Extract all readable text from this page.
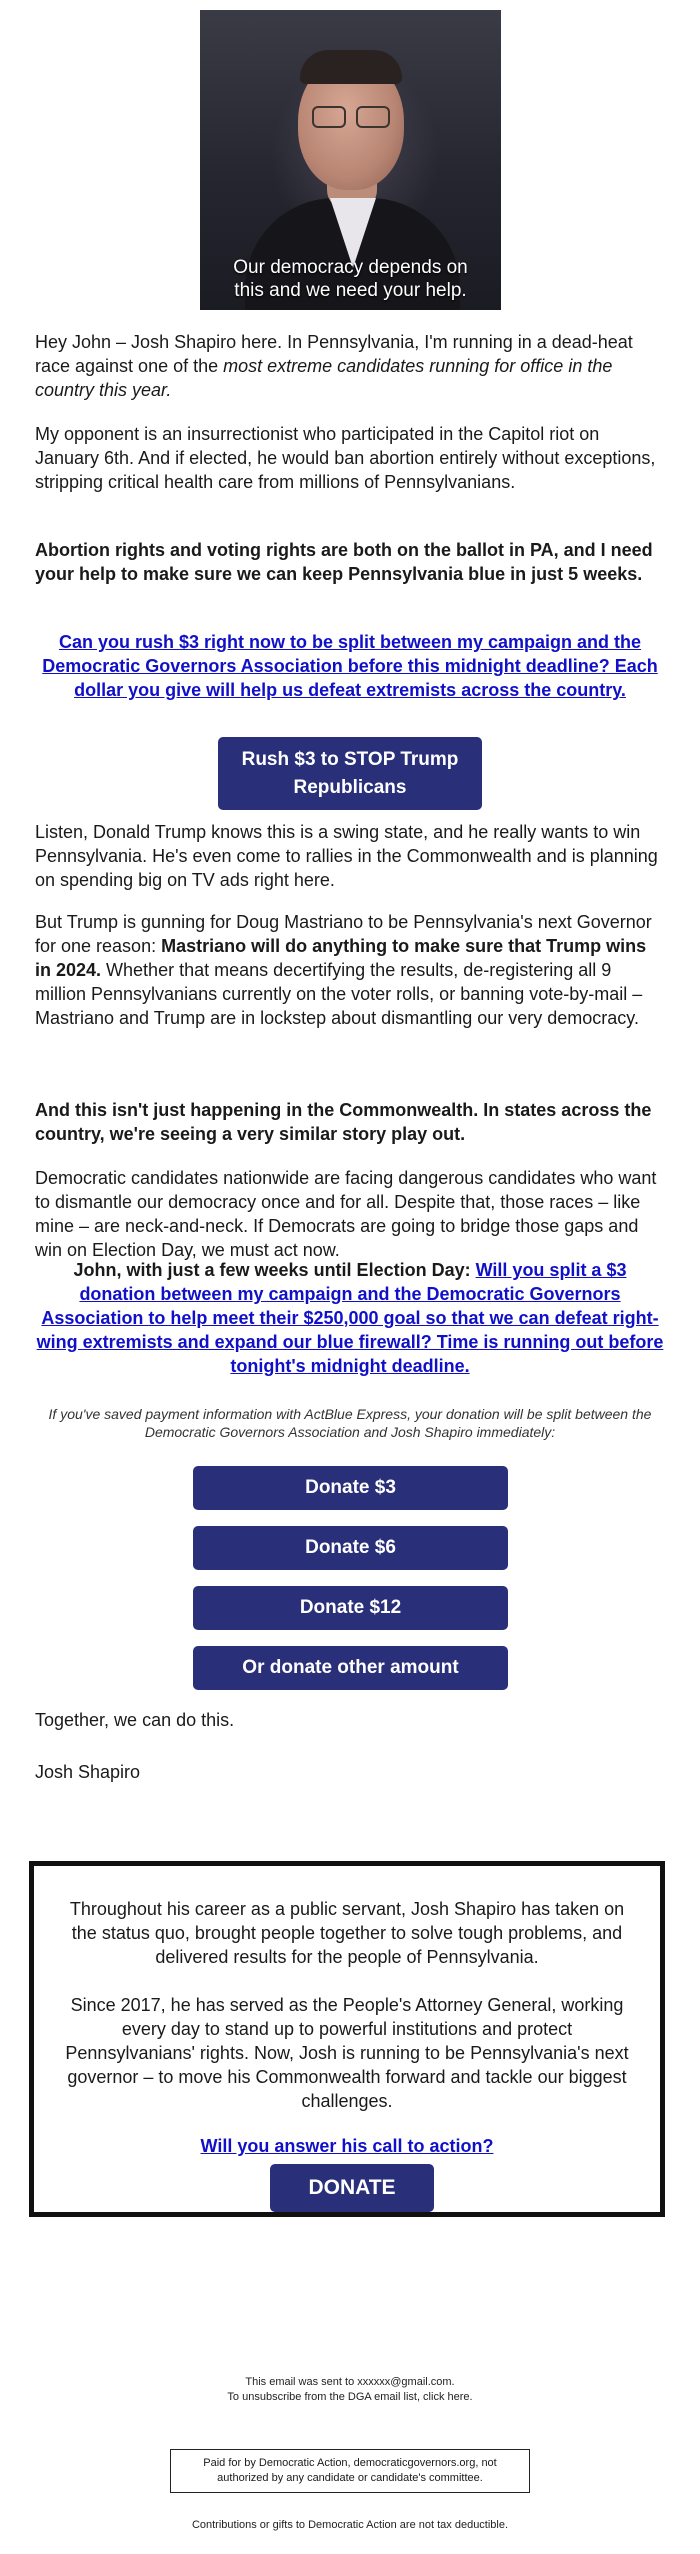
Our democracy depends on
this and we need your help.

Hey John – Josh Shapiro here. In Pennsylvania, I'm running in a dead-heat race against one of the most extreme candidates running for office in the country this year.

My opponent is an insurrectionist who participated in the Capitol riot on January 6th. And if elected, he would ban abortion entirely without exceptions, stripping critical health care from millions of Pennsylvanians.

Abortion rights and voting rights are both on the ballot in PA, and I need your help to make sure we can keep Pennsylvania blue in just 5 weeks.

Can you rush $3 right now to be split between my campaign and the Democratic Governors Association before this midnight deadline? Each dollar you give will help us defeat extremists across the country.

Rush $3 to STOP Trump Republicans

Listen, Donald Trump knows this is a swing state, and he really wants to win Pennsylvania. He's even come to rallies in the Commonwealth and is planning on spending big on TV ads right here.

But Trump is gunning for Doug Mastriano to be Pennsylvania's next Governor for one reason: Mastriano will do anything to make sure that Trump wins in 2024. Whether that means decertifying the results, de-registering all 9 million Pennsylvanians currently on the voter rolls, or banning vote-by-mail – Mastriano and Trump are in lockstep about dismantling our very democracy.

And this isn't just happening in the Commonwealth. In states across the country, we're seeing a very similar story play out.

Democratic candidates nationwide are facing dangerous candidates who want to dismantle our democracy once and for all. Despite that, those races – like mine – are neck-and-neck. If Democrats are going to bridge those gaps and win on Election Day, we must act now.

John, with just a few weeks until Election Day: Will you split a $3 donation between my campaign and the Democratic Governors Association to help meet their $250,000 goal so that we can defeat right-wing extremists and expand our blue firewall? Time is running out before tonight's midnight deadline.

If you've saved payment information with ActBlue Express, your donation will be split between the Democratic Governors Association and Josh Shapiro immediately:

Donate $3
Donate $6
Donate $12
Or donate other amount

Together, we can do this.

Josh Shapiro

Throughout his career as a public servant, Josh Shapiro has taken on the status quo, brought people together to solve tough problems, and delivered results for the people of Pennsylvania.

Since 2017, he has served as the People's Attorney General, working every day to stand up to powerful institutions and protect Pennsylvanians' rights. Now, Josh is running to be Pennsylvania's next governor – to move his Commonwealth forward and tackle our biggest challenges.

Will you answer his call to action?

DONATE
This email was sent to xxxxxx@gmail.com.
To unsubscribe from the DGA email list, click here.
Paid for by Democratic Action, democraticgovernors.org, not authorized by any candidate or candidate's committee.
Contributions or gifts to Democratic Action are not tax deductible.
